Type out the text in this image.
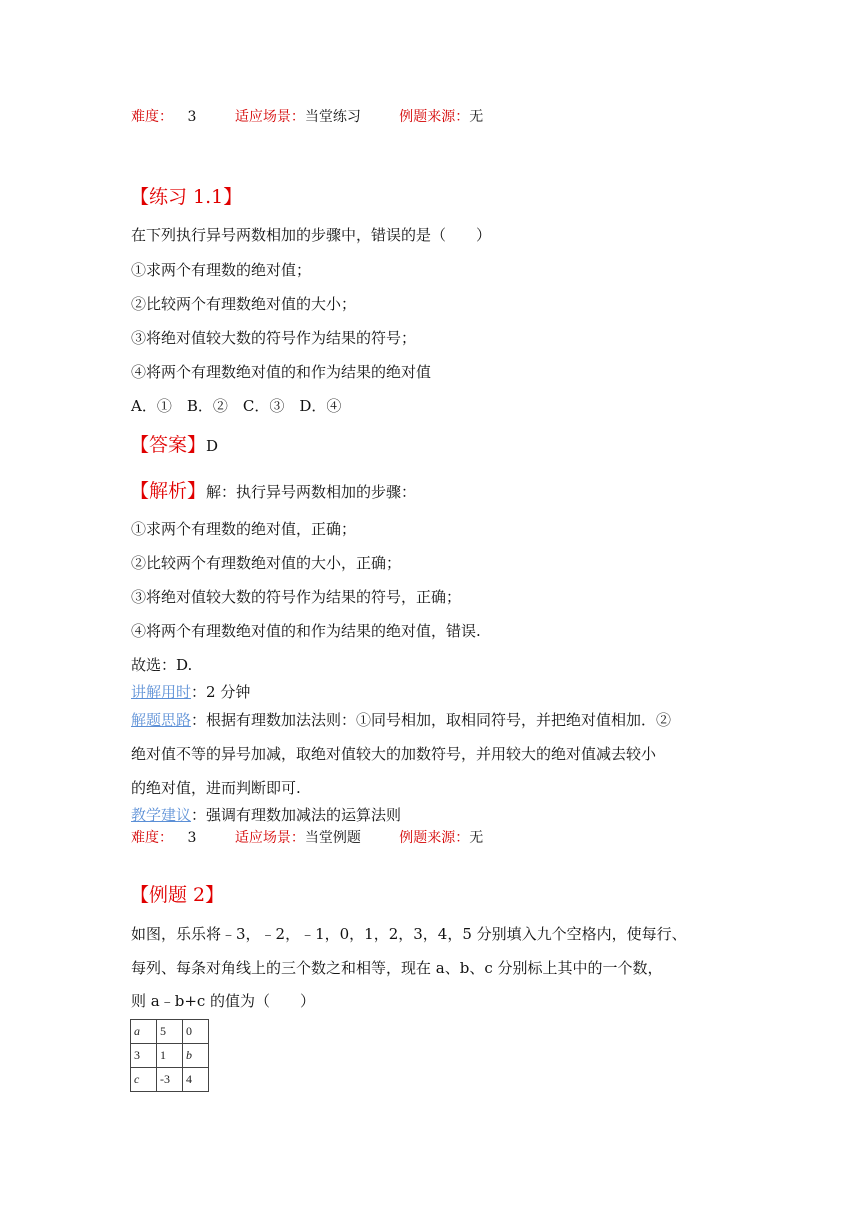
难度： 3	适应场景：当堂练习	例题来源：无
【练习 1.1】
在下列执行异号两数相加的步骤中，错误的是（　　）
①求两个有理数的绝对值；
②比较两个有理数绝对值的大小；
③将绝对值较大数的符号作为结果的符号；
④将两个有理数绝对值的和作为结果的绝对值
A．①　B．②　C．③　D．④
【答案】D
【解析】解：执行异号两数相加的步骤：
①求两个有理数的绝对值，正确；
②比较两个有理数绝对值的大小，正确；
③将绝对值较大数的符号作为结果的符号，正确；
④将两个有理数绝对值的和作为结果的绝对值，错误.
故选：D.
讲解用时：2 分钟
解题思路：根据有理数加法法则：①同号相加，取相同符号，并把绝对值相加．②
绝对值不等的异号加减，取绝对值较大的加数符号，并用较大的绝对值减去较小
的绝对值，进而判断即可.
教学建议：强调有理数加减法的运算法则
难度： 3	适应场景：当堂例题	例题来源：无
【例题 2】
如图，乐乐将﹣3，﹣2，﹣1，0，1，2，3，4，5 分别填入九个空格内，使每行、
每列、每条对角线上的三个数之和相等，现在 a、b、c 分别标上其中的一个数，
则 a﹣b+c 的值为（　　）
a	5	0
3	1	b
c	-3	4
